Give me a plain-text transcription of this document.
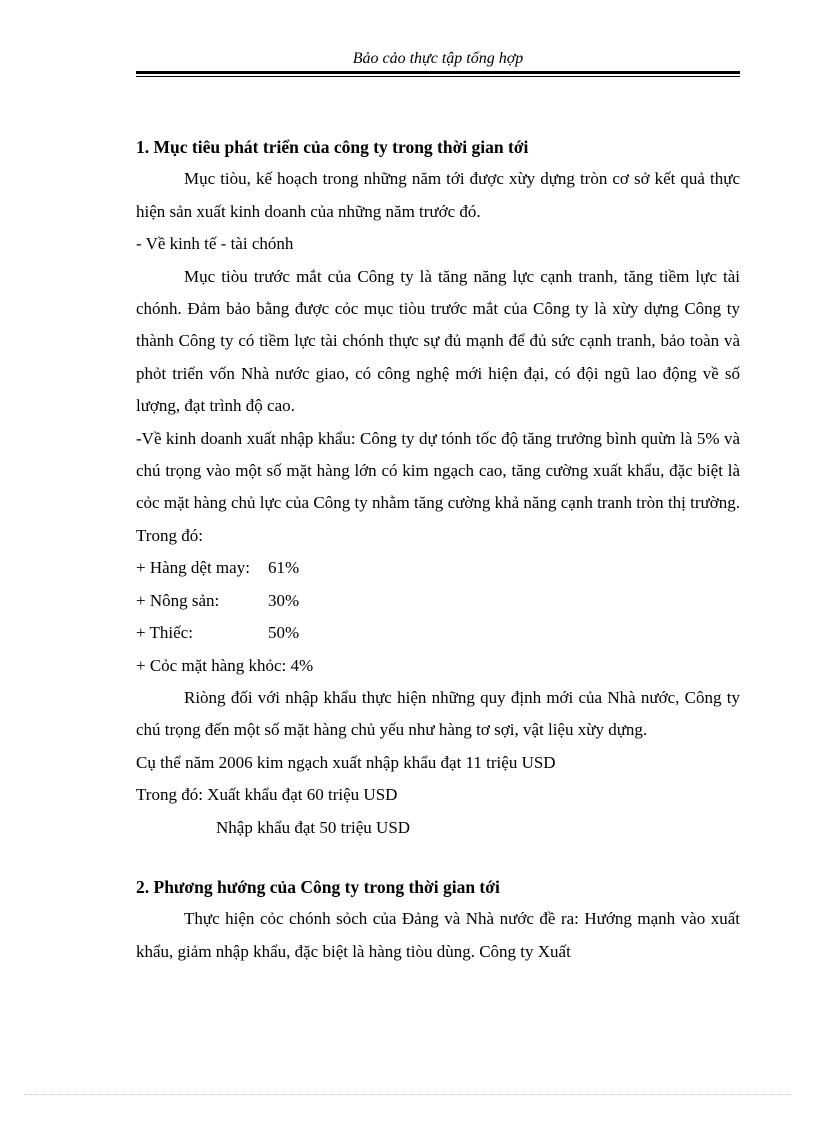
Bảo cảo thực tập tổng hợp

1. Mục tiêu phát triển của công ty trong thời gian tới

Mục tiòu, kế hoạch trong những năm tới được xừy dựng tròn cơ sở kết quả thực hiện sản xuất kinh doanh của những năm trước đó.

- Về kinh tế - tài chónh

Mục tiòu trước mắt của Công ty là tăng năng lực cạnh tranh, tăng tiềm lực tài chónh. Đảm bảo bằng được cỏc mục tiòu trước mắt của Công ty là xừy dựng Công ty thành Công ty có tiềm lực tài chónh thực sự đủ mạnh để đủ sức cạnh tranh, bảo toàn và phỏt triển vốn Nhà nước giao, có công nghệ mới hiện đại, có đội ngũ lao động về số lượng, đạt trình độ cao.

-Về kinh doanh xuất nhập khẩu: Công ty dự tónh tốc độ tăng trưởng bình quừn là 5% và chú trọng vào một số mặt hàng lớn có kim ngạch cao, tăng cường xuất khẩu, đặc biệt là cỏc mặt hàng chủ lực của Công ty nhằm tăng cường khả năng cạnh tranh tròn thị trường. Trong đó:

+ Hàng dệt may: 61%

+ Nông sản:	30%

+ Thiếc:	50%

+ Cỏc mặt hàng khỏc: 4%

Riòng đối với nhập khẩu thực hiện những quy định mới của Nhà nước, Công ty chú trọng đến một số mặt hàng chủ yếu như hàng tơ sợi, vật liệu xừy dựng.

Cụ thể năm 2006 kim ngạch xuất nhập khẩu đạt 11 triệu USD

Trong đó: Xuất khẩu đạt 60 triệu USD

Nhập khẩu đạt 50 triệu USD

2. Phương hướng của Công ty trong thời gian tới

Thực hiện cỏc chónh sỏch của Đảng và Nhà nước đề ra: Hướng mạnh vào xuất khẩu, giảm nhập khẩu, đặc biệt là hàng tiòu dùng. Công ty Xuất
